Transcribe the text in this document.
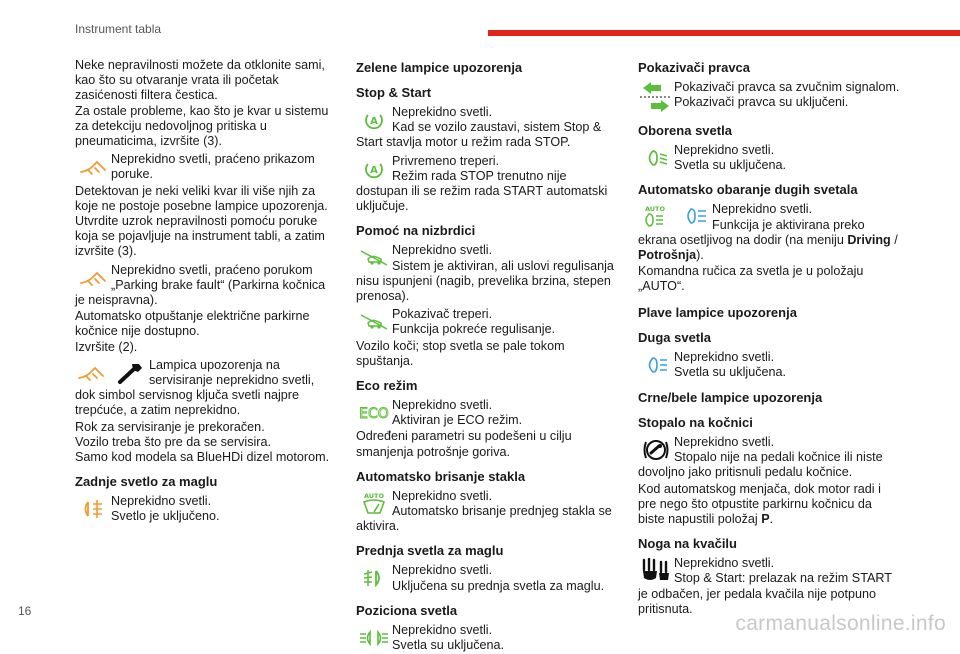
Instrument tabla

Neke nepravilnosti možete da otklonite sami, kao što su otvaranje vrata ili početak zasićenosti filtera čestica.

Za ostale probleme, kao što je kvar u sistemu za detekciju nedovoljnog pritiska u pneumaticima, izvršite (3).

Neprekidno svetli, praćeno prikazom
poruke.

Detektovan je neki veliki kvar ili više njih za koje ne postoje posebne lampice upozorenja.

Utvrdite uzrok nepravilnosti pomoću poruke koja se pojavljuje na instrument tabli, a zatim izvršite (3).

Neprekidno svetli, praćeno porukom
„Parking brake fault“ (Parkirna kočnica je neispravna).

Automatsko otpuštanje električne parkirne kočnice nije dostupno.

Izvršite (2).

Lampica upozorenja na
servisiranje neprekidno svetli, dok simbol servisnog ključa svetli najpre trepćuće, a zatim neprekidno.

Rok za servisiranje je prekoračen.

Vozilo treba što pre da se servisira.

Samo kod modela sa BlueHDi dizel motorom.

Zadnje svetlo za maglu
Neprekidno svetli.
Svetlo je uključeno.
Zelene lampice upozorenja
Stop & Start
A
Neprekidno svetli.
Kad se vozilo zaustavi, sistem Stop & Start stavlja motor u režim rada STOP.
A
Privremeno treperi.
Režim rada STOP trenutno nije dostupan ili se režim rada START automatski uključuje.
Pomoć na nizbrdici
Neprekidno svetli.
Sistem je aktiviran, ali uslovi regulisanja nisu ispunjeni (nagib, prevelika brzina, stepen prenosa).
Pokazivač treperi.
Funkcija pokreće regulisanje.

Vozilo koči; stop svetla se pale tokom spuštanja.

Eco režim
ECO
Neprekidno svetli.
Aktiviran je ECO režim.

Određeni parametri su podešeni u cilju smanjenja potrošnje goriva.

Automatsko brisanje stakla
AUTO Neprekidno svetli.
Automatsko brisanje prednjeg stakla se aktivira.
Prednja svetla za maglu
Neprekidno svetli.
Uključena su prednja svetla za maglu.
Poziciona svetla
Neprekidno svetli.
Svetla su uključena.
Pokazivači pravca
Pokazivači pravca sa zvučnim signalom.
Pokazivači pravca su uključeni.
Oborena svetla
Neprekidno svetli.
Svetla su uključena.
Automatsko obaranje dugih svetala
AUTO	Neprekidno svetli.
Funkcija je aktivirana preko ekrana osetljivog na dodir (na meniju Driving / Potrošnja).

Komandna ručica za svetla je u položaju „AUTO“.

Plave lampice upozorenja
Duga svetla
Neprekidno svetli.
Svetla su uključena.
Crne/bele lampice upozorenja
Stopalo na kočnici
Neprekidno svetli.
Stopalo nije na pedali kočnice ili niste dovoljno jako pritisnuli pedalu kočnice.

Kod automatskog menjača, dok motor radi i pre nego što otpustite parkirnu kočnicu da biste napustili položaj P.

Noga na kvačilu
Neprekidno svetli.
Stop & Start: prelazak na režim START je odbačen, jer pedala kvačila nije potpuno pritisnuta.
16
carmanualsonline.info
